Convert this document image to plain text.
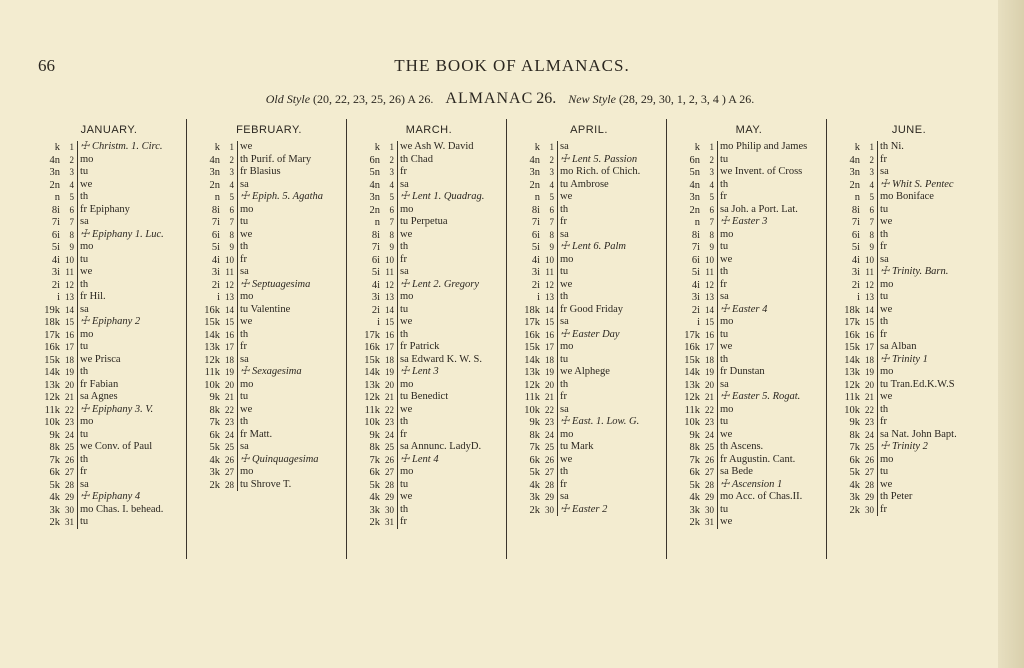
66	THE BOOK OF ALMANACS.
Old Style (20, 22, 23, 25, 26) A 26. ALMANAC 26. New Style (28, 29, 30, 1, 2, 3, 4 ) A 26.
JANUARY.
k 1 ☩ Christm. 1. Circ.
4n 2 mo
3n 3 tu
2n 4 we
n 5 th
8i 6 fr Epiphany
7i 7 sa
6i 8 ☩ Epiphany 1. Luc.
5i 9 mo
4i 10 tu
3i 11 we
2i 12 th
i 13 fr Hil.
19k 14 sa
18k 15 ☩ Epiphany 2
17k 16 mo
16k 17 tu
15k 18 we Prisca
14k 19 th
13k 20 fr Fabian
12k 21 sa Agnes
11k 22 ☩ Epiphany 3. V.
10k 23 mo
9k 24 tu
8k 25 we Conv. of Paul
7k 26 th
6k 27 fr
5k 28 sa
4k 29 ☩ Epiphany 4
3k 30 mo Chas. I. behead.
2k 31 tu
FEBRUARY.
k 1 we
4n 2 th Purif. of Mary
3n 3 fr Blasius
2n 4 sa
n 5 ☩ Epiph. 5. Agatha
8i 6 mo
7i 7 tu
6i 8 we
5i 9 th
4i 10 fr
3i 11 sa
2i 12 ☩ Septuagesima
i 13 mo
16k 14 tu Valentine
15k 15 we
14k 16 th
13k 17 fr
12k 18 sa
11k 19 ☩ Sexagesima
10k 20 mo
9k 21 tu
8k 22 we
7k 23 th
6k 24 fr Matt.
5k 25 sa
4k 26 ☩ Quinquagesima
3k 27 mo
2k 28 tu Shrove T.
MARCH.
k 1 we Ash W. David
6n 2 th Chad
5n 3 fr
4n 4 sa
3n 5 ☩ Lent 1. Quadrag.
2n 6 mo
n 7 tu Perpetua
8i 8 we
7i 9 th
6i 10 fr
5i 11 sa
4i 12 ☩ Lent 2. Gregory
3i 13 mo
2i 14 tu
i 15 we
17k 16 th
16k 17 fr Patrick
15k 18 sa Edward K. W. S.
14k 19 ☩ Lent 3
13k 20 mo
12k 21 tu Benedict
11k 22 we
10k 23 th
9k 24 fr
8k 25 sa Annunc. LadyD.
7k 26 ☩ Lent 4
6k 27 mo
5k 28 tu
4k 29 we
3k 30 th
2k 31 fr
APRIL.
k 1 sa
4n 2 ☩ Lent 5. Passion
3n 3 mo Rich. of Chich.
2n 4 tu Ambrose
n 5 we
8i 6 th
7i 7 fr
6i 8 sa
5i 9 ☩ Lent 6. Palm
4i 10 mo
3i 11 tu
2i 12 we
i 13 th
18k 14 fr Good Friday
17k 15 sa
16k 16 ☩ Easter Day
15k 17 mo
14k 18 tu
13k 19 we Alphege
12k 20 th
11k 21 fr
10k 22 sa
9k 23 ☩ East. 1. Low. G.
8k 24 mo
7k 25 tu Mark
6k 26 we
5k 27 th
4k 28 fr
3k 29 sa
2k 30 ☩ Easter 2
MAY.
k 1 mo Philip and James
6n 2 tu
5n 3 we Invent. of Cross
4n 4 th
3n 5 fr
2n 6 sa Joh. a Port. Lat.
n 7 ☩ Easter 3
8i 8 mo
7i 9 tu
6i 10 we
5i 11 th
4i 12 fr
3i 13 sa
2i 14 ☩ Easter 4
i 15 mo
17k 16 tu
16k 17 we
15k 18 th
14k 19 fr Dunstan
13k 20 sa
12k 21 ☩ Easter 5. Rogat.
11k 22 mo
10k 23 tu
9k 24 we
8k 25 th Ascens.
7k 26 fr Augustin. Cant.
6k 27 sa Bede
5k 28 ☩ Ascension 1
4k 29 mo Acc. of Chas.II.
3k 30 tu
2k 31 we
JUNE.
k 1 th Ni.
4n 2 fr
3n 3 sa
2n 4 ☩ Whit S. Pentec
n 5 mo Boniface
8i 6 tu
7i 7 we
6i 8 th
5i 9 fr
4i 10 sa
3i 11 ☩ Trinity. Barn.
2i 12 mo
i 13 tu
18k 14 we
17k 15 th
16k 16 fr
15k 17 sa Alban
14k 18 ☩ Trinity 1
13k 19 mo
12k 20 tu Tran.Ed.K.W.S
11k 21 we
10k 22 th
9k 23 fr
8k 24 sa Nat. John Bapt.
7k 25 ☩ Trinity 2
6k 26 mo
5k 27 tu
4k 28 we
3k 29 th Peter
2k 30 fr
